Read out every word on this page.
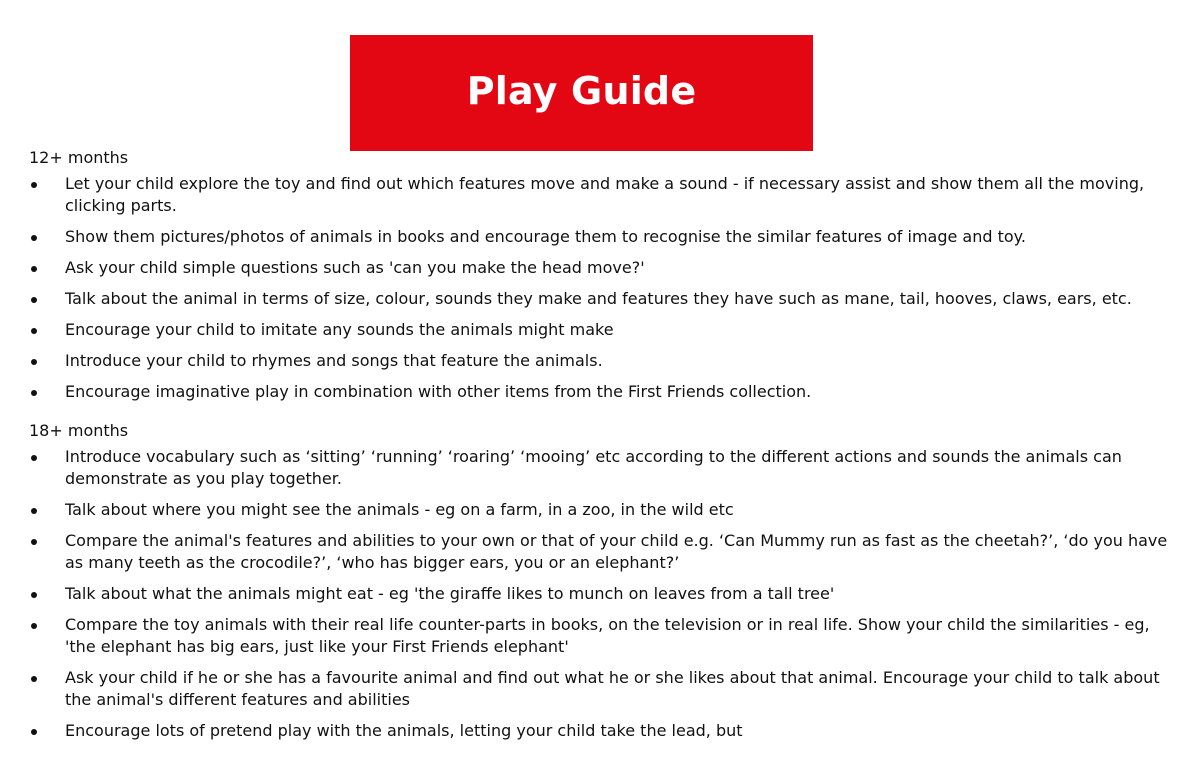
Play Guide

12+ months

Let your child explore the toy and find out which features move and make a sound - if necessary assist and show them all the moving, clicking parts.
Show them pictures/photos of animals in books and encourage them to recognise the similar features of image and toy.
Ask your child simple questions such as 'can you make the head move?'
Talk about the animal in terms of size, colour, sounds they make and features they have such as mane, tail, hooves, claws, ears, etc.
Encourage your child to imitate any sounds the animals might make
Introduce your child to rhymes and songs that feature the animals.
Encourage imaginative play in combination with other items from the First Friends collection.

18+ months

Introduce vocabulary such as ‘sitting’ ‘running’ ‘roaring’ ‘mooing’ etc according to the different actions and sounds the animals can demonstrate as you play together.
Talk about where you might see the animals - eg on a farm, in a zoo, in the wild etc
Compare the animal's features and abilities to your own or that of your child e.g. ‘Can Mummy run as fast as the cheetah?’, ‘do you have as many teeth as the crocodile?’, ‘who has bigger ears, you or an elephant?’
Talk about what the animals might eat - eg 'the giraffe likes to munch on leaves from a tall tree'
Compare the toy animals with their real life counter-parts in books, on the television or in real life. Show your child the similarities - eg, 'the elephant has big ears, just like your First Friends elephant'
Ask your child if he or she has a favourite animal and find out what he or she likes about that animal. Encourage your child to talk about the animal's different features and abilities
Encourage lots of pretend play with the animals, letting your child take the lead, but
